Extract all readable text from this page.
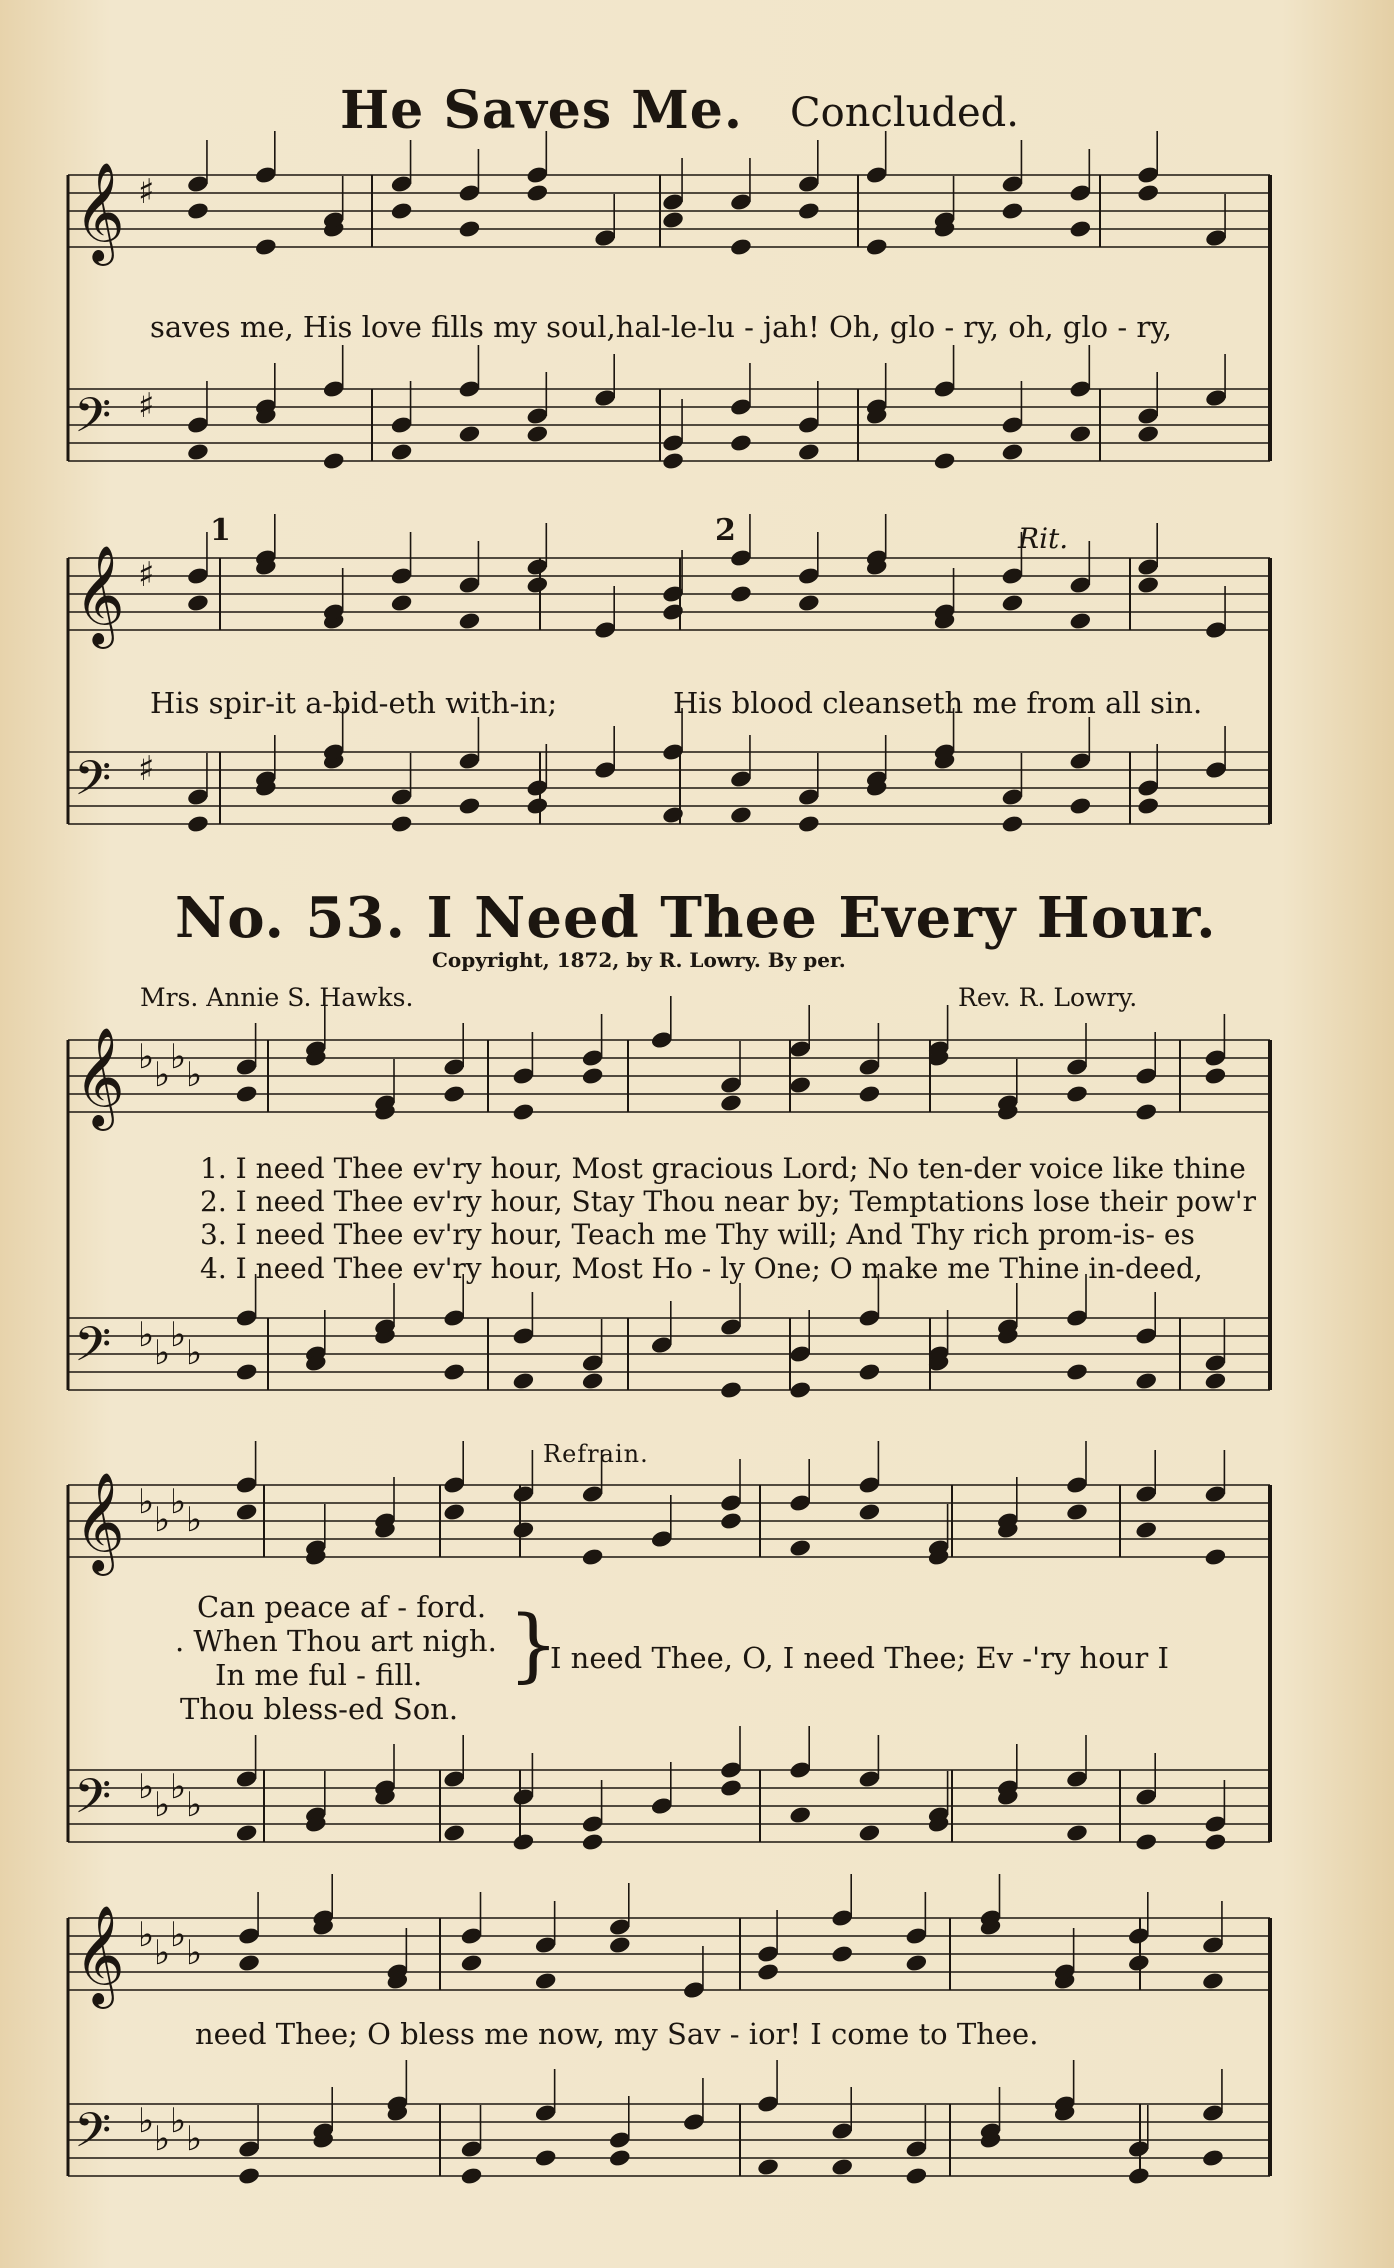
He Saves Me. Concluded.
𝄞 ♯
𝄢 ♯
𝄞 ♯
𝄢 ♯
𝄞 ♭ ♭ ♭ ♭
𝄢 ♭ ♭ ♭ ♭
𝄞 ♭ ♭ ♭ ♭
𝄢 ♭ ♭ ♭ ♭
𝄞 ♭ ♭ ♭ ♭
𝄢 ♭ ♭ ♭ ♭
saves me, His love fills my soul,hal-le-lu - jah! Oh, glo - ry, oh, glo - ry,
1	2	Rit.
His spir-it a-bid-eth with-in;	His blood cleanseth me from all sin.
No. 53. I Need Thee Every Hour.
Copyright, 1872, by R. Lowry. By per.
Mrs. Annie S. Hawks.	Rev. R. Lowry.
1. I need Thee ev'ry hour, Most gracious Lord; No ten-der voice like thine
2. I need Thee ev'ry hour, Stay Thou near by; Temptations lose their pow'r
3. I need Thee ev'ry hour, Teach me Thy will; And Thy rich prom-is- es
4. I need Thee ev'ry hour, Most Ho - ly One; O make me Thine in-deed,
Refrain.
Can peace af - ford.
. When Thou art nigh.
In me ful - fill.
Thou bless-ed Son.
}
I need Thee, O, I need Thee; Ev -'ry hour I
need Thee; O bless me now, my Sav - ior! I come to Thee.
